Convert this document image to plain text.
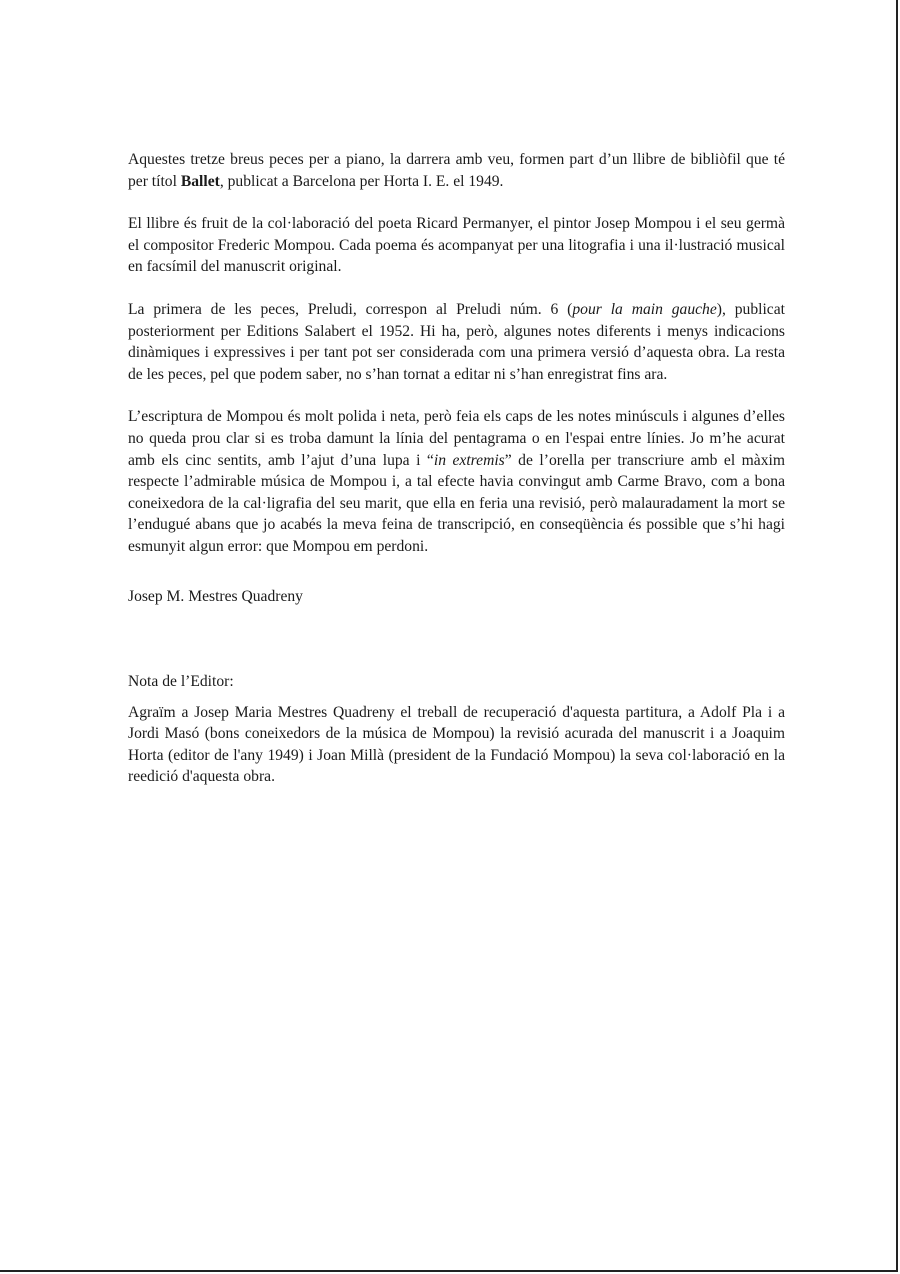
Aquestes tretze breus peces per a piano, la darrera amb veu, formen part d’un llibre de bibliòfil que té per títol Ballet, publicat a Barcelona per Horta I. E. el 1949.

El llibre és fruit de la col·laboració del poeta Ricard Permanyer, el pintor Josep Mompou i el seu germà el compositor Frederic Mompou. Cada poema és acompanyat per una litografia i una il·lustració musical en facsímil del manuscrit original.

La primera de les peces, Preludi, correspon al Preludi núm. 6 (pour la main gauche), publicat posteriorment per Editions Salabert el 1952. Hi ha, però, algunes notes diferents i menys indicacions dinàmiques i expressives i per tant pot ser considerada com una primera versió d’aquesta obra. La resta de les peces, pel que podem saber, no s’han tornat a editar ni s’han enregistrat fins ara.

L’escriptura de Mompou és molt polida i neta, però feia els caps de les notes minúsculs i algunes d’elles no queda prou clar si es troba damunt la línia del pentagrama o en l'espai entre línies. Jo m’he acurat amb els cinc sentits, amb l’ajut d’una lupa i “in extremis” de l’orella per transcriure amb el màxim respecte l’admirable música de Mompou i, a tal efecte havia convingut amb Carme Bravo, com a bona coneixedora de la cal·ligrafia del seu marit, que ella en feria una revisió, però malauradament la mort se l’endugué abans que jo acabés la meva feina de transcripció, en conseqüència és possible que s’hi hagi esmunyit algun error: que Mompou em perdoni.

Josep M. Mestres Quadreny

Nota de l’Editor:

Agraïm a Josep Maria Mestres Quadreny el treball de recuperació d'aquesta partitura, a Adolf Pla i a Jordi Masó (bons coneixedors de la música de Mompou) la revisió acurada del manuscrit i a Joaquim Horta (editor de l'any 1949) i Joan Millà (president de la Fundació Mompou) la seva col·laboració en la reedició d'aquesta obra.
